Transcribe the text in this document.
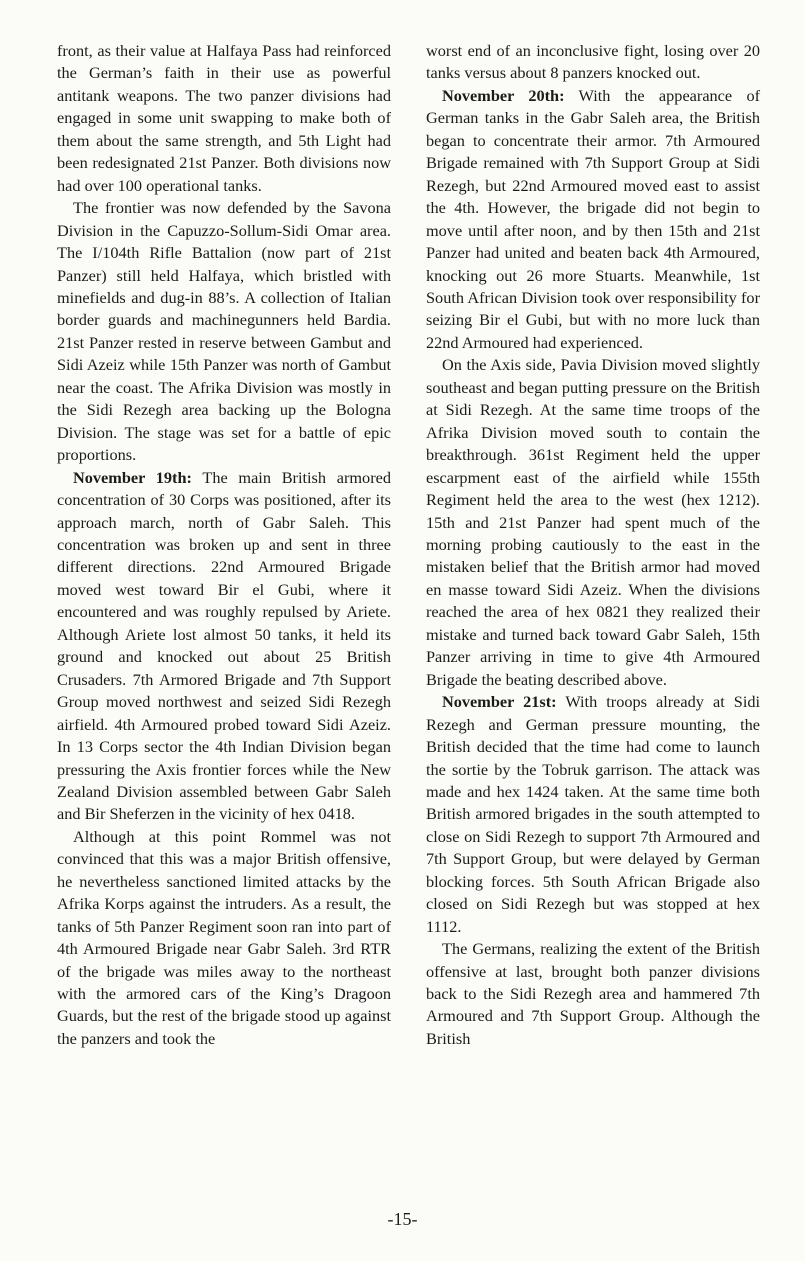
front, as their value at Halfaya Pass had reinforced the German’s faith in their use as powerful antitank weapons. The two panzer divisions had engaged in some unit swapping to make both of them about the same strength, and 5th Light had been redesignated 21st Panzer. Both divisions now had over 100 operational tanks.

The frontier was now defended by the Savona Division in the Capuzzo-Sollum-Sidi Omar area. The I/104th Rifle Battalion (now part of 21st Panzer) still held Halfaya, which bristled with minefields and dug-in 88’s. A collection of Italian border guards and machinegunners held Bardia. 21st Panzer rested in reserve between Gambut and Sidi Azeiz while 15th Panzer was north of Gambut near the coast. The Afrika Division was mostly in the Sidi Rezegh area backing up the Bologna Division. The stage was set for a battle of epic proportions.

November 19th: The main British armored concentration of 30 Corps was positioned, after its approach march, north of Gabr Saleh. This concentration was broken up and sent in three different directions. 22nd Armoured Brigade moved west toward Bir el Gubi, where it encountered and was roughly repulsed by Ariete. Although Ariete lost almost 50 tanks, it held its ground and knocked out about 25 British Crusaders. 7th Armored Brigade and 7th Support Group moved northwest and seized Sidi Rezegh airfield. 4th Armoured probed toward Sidi Azeiz. In 13 Corps sector the 4th Indian Division began pressuring the Axis frontier forces while the New Zealand Division assembled between Gabr Saleh and Bir Sheferzen in the vicinity of hex 0418.

Although at this point Rommel was not convinced that this was a major British offensive, he nevertheless sanctioned limited attacks by the Afrika Korps against the intruders. As a result, the tanks of 5th Panzer Regiment soon ran into part of 4th Armoured Brigade near Gabr Saleh. 3rd RTR of the brigade was miles away to the northeast with the armored cars of the King’s Dragoon Guards, but the rest of the brigade stood up against the panzers and took the

worst end of an inconclusive fight, losing over 20 tanks versus about 8 panzers knocked out.

November 20th: With the appearance of German tanks in the Gabr Saleh area, the British began to concentrate their armor. 7th Armoured Brigade remained with 7th Support Group at Sidi Rezegh, but 22nd Armoured moved east to assist the 4th. However, the brigade did not begin to move until after noon, and by then 15th and 21st Panzer had united and beaten back 4th Armoured, knocking out 26 more Stuarts. Meanwhile, 1st South African Division took over responsibility for seizing Bir el Gubi, but with no more luck than 22nd Armoured had experienced.

On the Axis side, Pavia Division moved slightly southeast and began putting pressure on the British at Sidi Rezegh. At the same time troops of the Afrika Division moved south to contain the breakthrough. 361st Regiment held the upper escarpment east of the airfield while 155th Regiment held the area to the west (hex 1212). 15th and 21st Panzer had spent much of the morning probing cautiously to the east in the mistaken belief that the British armor had moved en masse toward Sidi Azeiz. When the divisions reached the area of hex 0821 they realized their mistake and turned back toward Gabr Saleh, 15th Panzer arriving in time to give 4th Armoured Brigade the beating described above.

November 21st: With troops already at Sidi Rezegh and German pressure mounting, the British decided that the time had come to launch the sortie by the Tobruk garrison. The attack was made and hex 1424 taken. At the same time both British armored brigades in the south attempted to close on Sidi Rezegh to support 7th Armoured and 7th Support Group, but were delayed by German blocking forces. 5th South African Brigade also closed on Sidi Rezegh but was stopped at hex 1112.

The Germans, realizing the extent of the British offensive at last, brought both panzer divisions back to the Sidi Rezegh area and hammered 7th Armoured and 7th Support Group. Although the British

-15-
